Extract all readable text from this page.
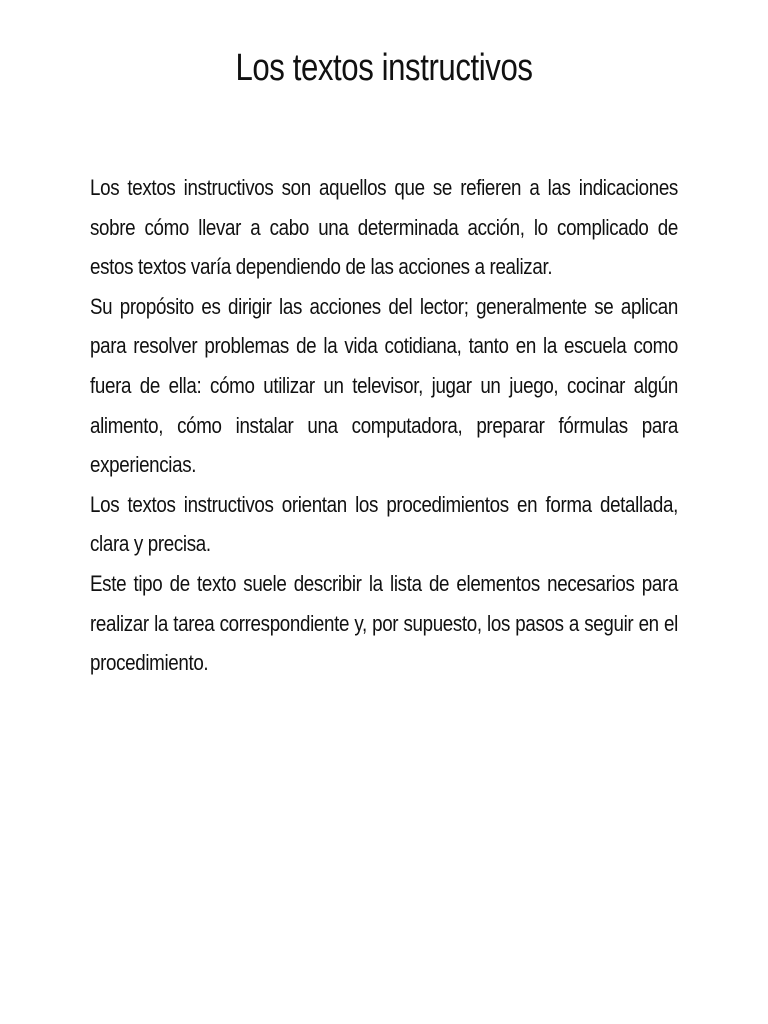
Los textos instructivos

Los textos instructivos son aquellos que se refieren a las indicaciones sobre cómo llevar a cabo una determinada acción, lo complicado de estos textos varía dependiendo de las acciones a realizar.

Su propósito es dirigir las acciones del lector; generalmente se aplican para resolver problemas de la vida cotidiana, tanto en la escuela como fuera de ella: cómo utilizar un televisor, jugar un juego, cocinar algún alimento, cómo instalar una computadora, preparar fórmulas para experiencias.

Los textos instructivos orientan los procedimientos en forma detallada, clara y precisa.

Este tipo de texto suele describir la lista de elementos necesarios para realizar la tarea correspondiente y, por supuesto, los pasos a seguir en el procedimiento.
